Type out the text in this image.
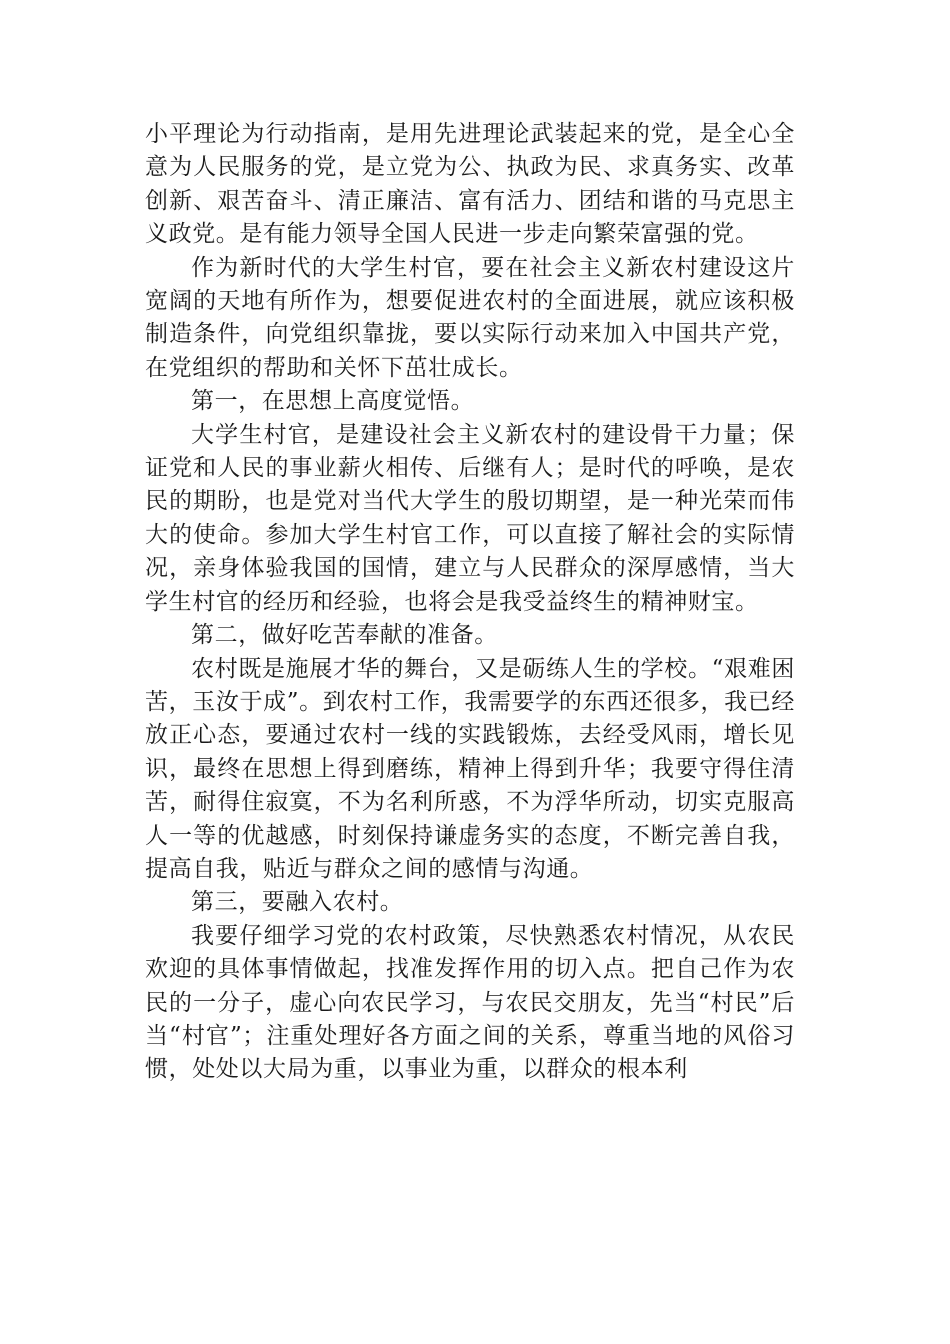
小平理论为行动指南，是用先进理论武装起来的党，是全心全意为人民服务的党，是立党为公、执政为民、求真务实、改革创新、艰苦奋斗、清正廉洁、富有活力、团结和谐的马克思主义政党。是有能力领导全国人民进一步走向繁荣富强的党。

作为新时代的大学生村官，要在社会主义新农村建设这片宽阔的天地有所作为，想要促进农村的全面进展，就应该积极制造条件，向党组织靠拢，要以实际行动来加入中国共产党，在党组织的帮助和关怀下茁壮成长。

第一，在思想上高度觉悟。

大学生村官，是建设社会主义新农村的建设骨干力量；保证党和人民的事业薪火相传、后继有人；是时代的呼唤，是农民的期盼，也是党对当代大学生的殷切期望，是一种光荣而伟大的使命。参加大学生村官工作，可以直接了解社会的实际情况，亲身体验我国的国情，建立与人民群众的深厚感情，当大学生村官的经历和经验，也将会是我受益终生的精神财宝。

第二，做好吃苦奉献的准备。

农村既是施展才华的舞台，又是砺练人生的学校。“艰难困苦，玉汝于成”。到农村工作，我需要学的东西还很多，我已经放正心态，要通过农村一线的实践锻炼，去经受风雨，增长见识，最终在思想上得到磨练，精神上得到升华；我要守得住清苦，耐得住寂寞，不为名利所惑，不为浮华所动，切实克服高人一等的优越感，时刻保持谦虚务实的态度，不断完善自我，提高自我，贴近与群众之间的感情与沟通。

第三，要融入农村。

我要仔细学习党的农村政策，尽快熟悉农村情况，从农民欢迎的具体事情做起，找准发挥作用的切入点。把自己作为农民的一分子，虚心向农民学习，与农民交朋友，先当“村民”后当“村官”；注重处理好各方面之间的关系，尊重当地的风俗习惯，处处以大局为重，以事业为重，以群众的根本利
